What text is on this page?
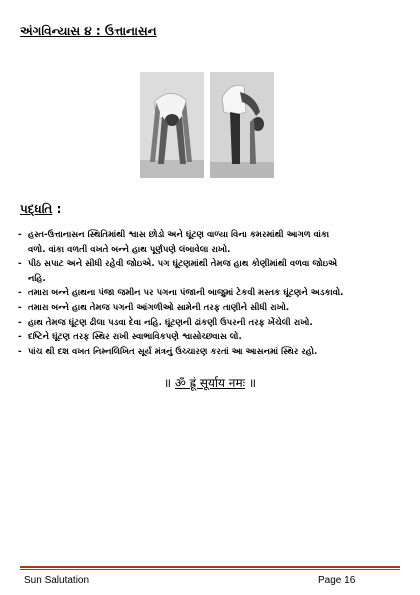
અંગવિન્યાસ ૪ : ઉત્તાનાસન
પદ્ધતિ :
- હસ્ત-ઉત્તાનાસન સ્થિતિમાંથી શ્વાસ છોડો અને ઘૂંટણ વાળ્યા વિના કમરમાંથી આગળ વાંકા
વળો. વાંકા વળતી વખતે બન્ને હાથ પૂર્ણપણે લંબાવેલા રાખો.
- પીઠ સપાટ અને સીધી રહેવી જોઇએ. પગ ઘૂંટણમાંથી તેમજ હાથ કોણીમાંથી વળવા જોઇએ
નહિ.
- તમારા બન્ને હાથના પંજા જમીન પર પગના પંજાની બાજુમાં ટેકવી મસ્તક ઘૂંટણને અડકાવો.
- તમારા બન્ને હાથ તેમજ પગની આંગળીઓ સામેની તરફ તાણીને સીધી રાખો.
- હાથ તેમજ ઘૂંટણ ઢીલા પડવા દેવા નહિ. ઘૂંટણની ઢાંકણી ઉપરની તરફ ખેંચેલી રાખો.
- દષ્ટિને ઘૂંટણ તરફ સ્થિર રાખી સ્વાભાવિકપણે શ્વાસોચ્છ્વાસ લો.
- પાંચ થી દશ વખત નિમ્નલિખિત સૂર્ય મંત્રનું ઉચ્ચારણ કરતાં આ આસનમાં સ્થિર રહો.
॥ ॐ ह्रूं सूर्याय नमः ॥
Sun Salutation	Page 16
